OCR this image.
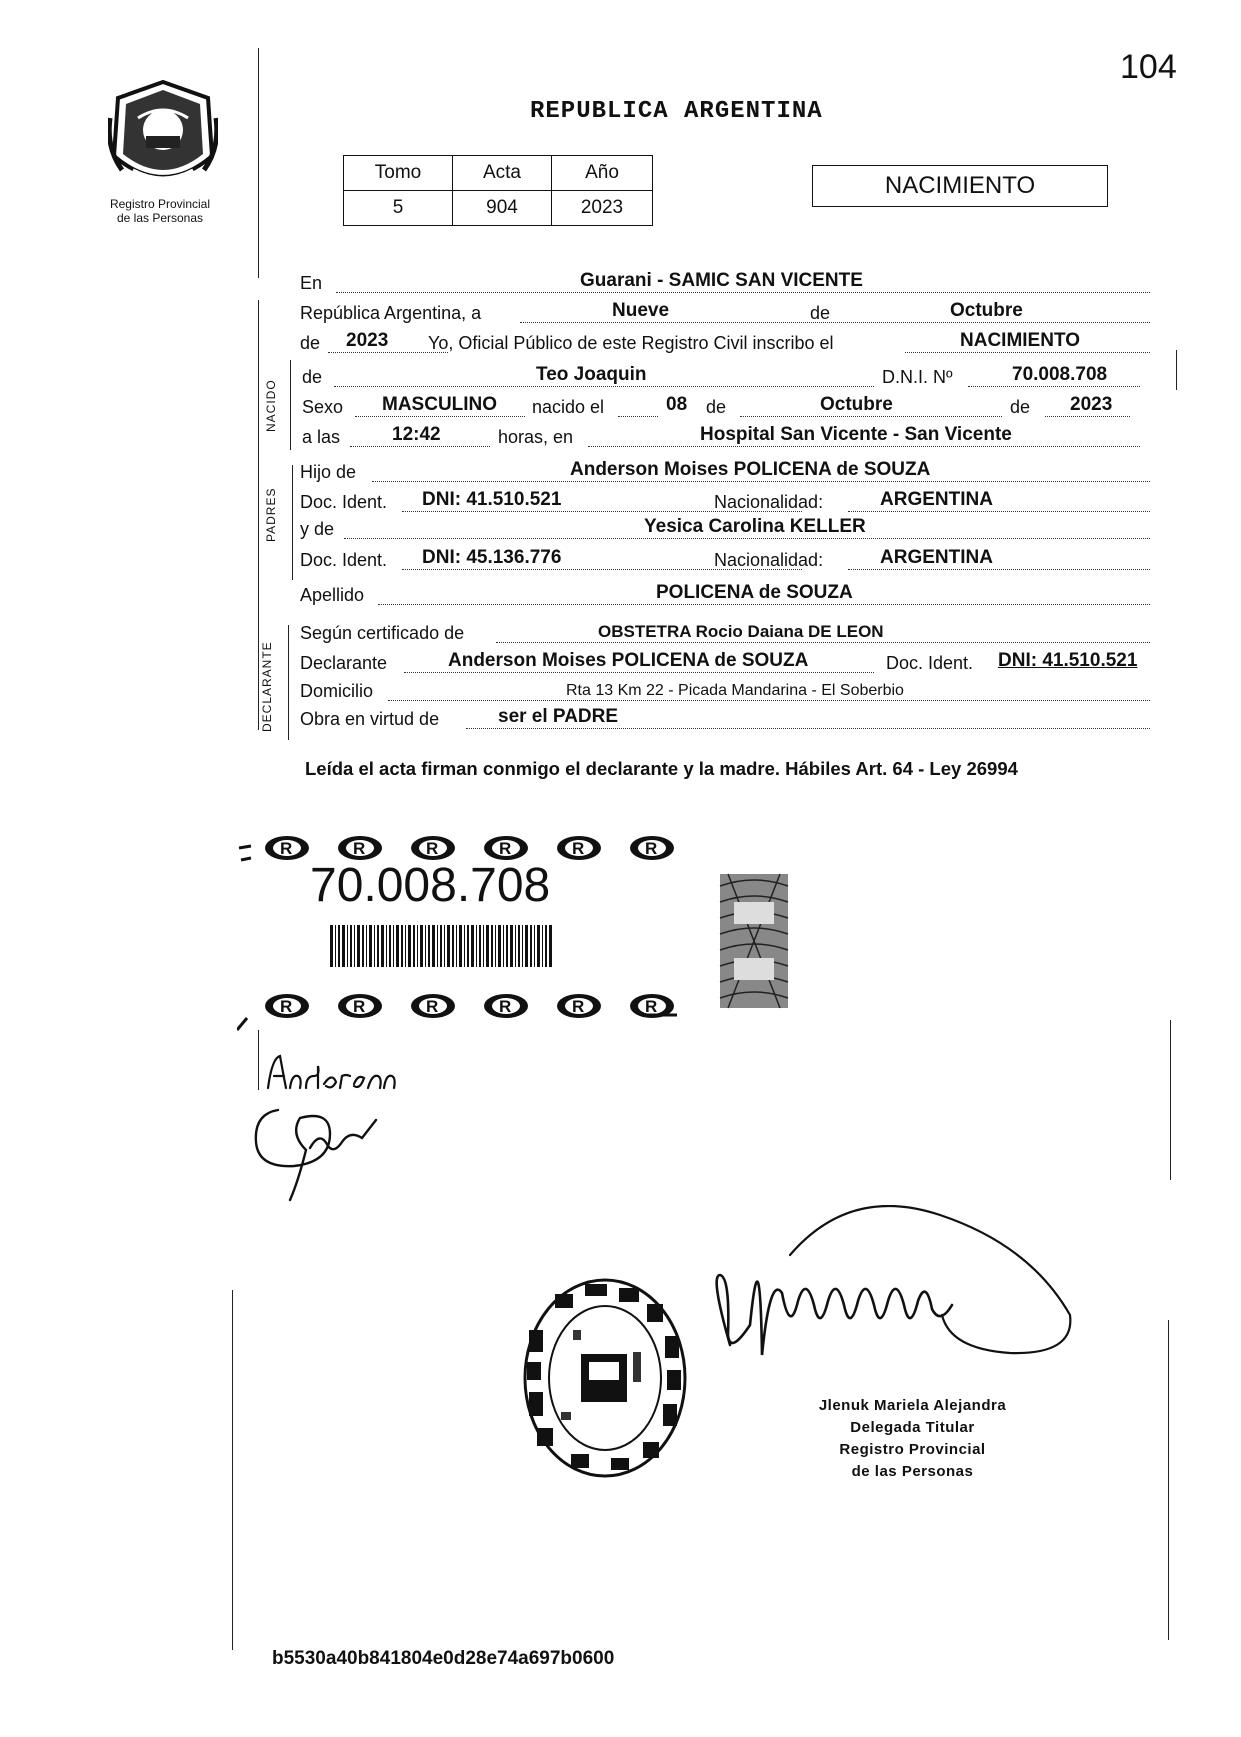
104
REPUBLICA ARGENTINA
Registro Provincial
de las Personas
Tomo	Acta	Año
5	904	2023
NACIMIENTO
NACIDO
PADRES
DECLARANTE
En	Guarani - SAMIC SAN VICENTE
República Argentina, a	Nueve	de	Octubre
de 2023 Yo, Oficial Público de este Registro Civil inscribo el	NACIMIENTO
de	Teo Joaquin	D.N.I. Nº	70.008.708
Sexo MASCULINO nacido el	08 de	Octubre	de 2023
a las	12:42	horas, en	Hospital San Vicente - San Vicente
Hijo de	Anderson Moises POLICENA de SOUZA
Doc. Ident. DNI: 41.510.521	Nacionalidad:	ARGENTINA
y de	Yesica Carolina KELLER
Doc. Ident. DNI: 45.136.776	Nacionalidad:	ARGENTINA
Apellido	POLICENA de SOUZA
Según certificado de	OBSTETRA Rocio Daiana DE LEON
Declarante	Anderson Moises POLICENA de SOUZA	Doc. Ident. DNI: 41.510.521
Domicilio	Rta 13 Km 22 - Picada Mandarina - El Soberbio
Obra en virtud de	ser el PADRE
Leída el acta firman conmigo el declarante y la madre. Hábiles Art. 64 - Ley 26994
R	R	R	R	R	R
70.008.708
Jlenuk Mariela Alejandra
Delegada Titular
Registro Provincial
de las Personas
b5530a40b841804e0d28e74a697b0600
